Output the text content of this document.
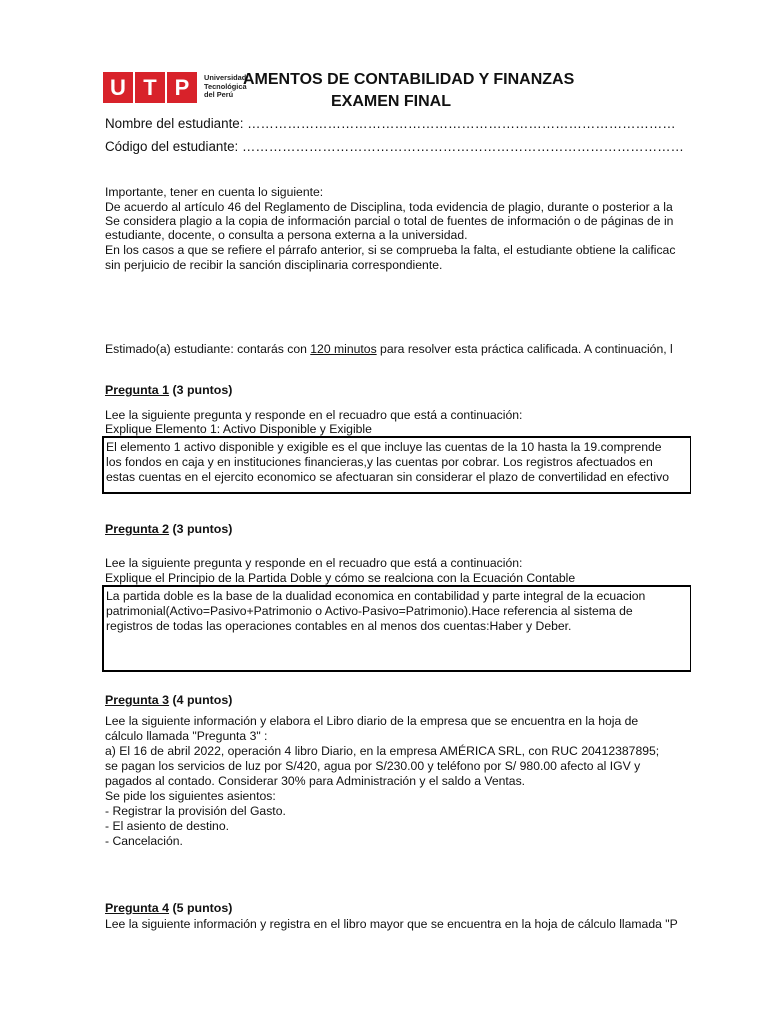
U T P	Universidad
Tecnológica
del Perú
AMENTOS DE CONTABILIDAD Y FINANZAS
EXAMEN FINAL
Nombre del estudiante: ……………………………………………………………………………………
Código del estudiante: ………………………………………………………………………………………
Importante, tener en cuenta lo siguiente:
De acuerdo al artículo 46 del Reglamento de Disciplina, toda evidencia de plagio, durante o posterior a la
Se considera plagio a la copia de información parcial o total de fuentes de información o de páginas de in
estudiante, docente, o consulta a persona externa a la universidad.
En los casos a que se refiere el párrafo anterior, si se comprueba la falta, el estudiante obtiene la calificac
sin perjuicio de recibir la sanción disciplinaria correspondiente.
Estimado(a) estudiante: contarás con 120 minutos para resolver esta práctica calificada. A continuación, l
Pregunta 1 (3 puntos)
Lee la siguiente pregunta y responde en el recuadro que está a continuación:
Explique Elemento 1: Activo Disponible y Exigible
El elemento 1 activo disponible y exigible es el que incluye las cuentas de la 10 hasta la 19.comprende
los fondos en caja y en instituciones financieras,y las cuentas por cobrar. Los registros afectuados en
estas cuentas en el ejercito economico se afectuaran sin considerar el plazo de convertilidad en efectivo
Pregunta 2 (3 puntos)
Lee la siguiente pregunta y responde en el recuadro que está a continuación:
Explique el Principio de la Partida Doble y cómo se realciona con la Ecuación Contable
La partida doble es la base de la dualidad economica en contabilidad y parte integral de la ecuacion
patrimonial(Activo=Pasivo+Patrimonio o Activo-Pasivo=Patrimonio).Hace referencia al sistema de
registros de todas las operaciones contables en al menos dos cuentas:Haber y Deber.
Pregunta 3 (4 puntos)
Lee la siguiente información y elabora el Libro diario de la empresa que se encuentra en la hoja de
cálculo llamada "Pregunta 3" :
a) El 16 de abril 2022, operación 4 libro Diario, en la empresa AMÉRICA SRL, con RUC 20412387895;
se pagan los servicios de luz por S/420, agua por S/230.00 y teléfono por S/ 980.00 afecto al IGV y
pagados al contado. Considerar 30% para Administración y el saldo a Ventas.
Se pide los siguientes asientos:
- Registrar la provisión del Gasto.
- El asiento de destino.
- Cancelación.
Pregunta 4 (5 puntos)
Lee la siguiente información y registra en el libro mayor que se encuentra en la hoja de cálculo llamada "P
